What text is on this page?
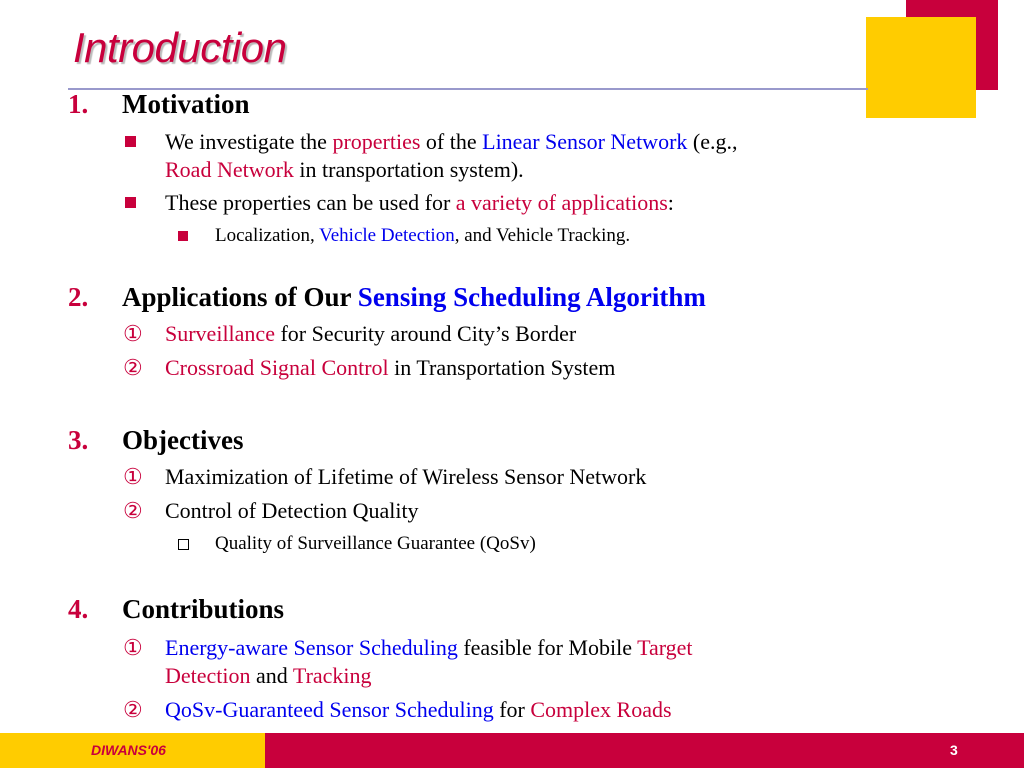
Introduction
1. Motivation
We investigate the properties of the Linear Sensor Network (e.g.,
Road Network in transportation system).
These properties can be used for a variety of applications:
Localization, Vehicle Detection, and Vehicle Tracking.
2. Applications of Our Sensing Scheduling Algorithm
① Surveillance for Security around City’s Border
② Crossroad Signal Control in Transportation System
3. Objectives
① Maximization of Lifetime of Wireless Sensor Network
② Control of Detection Quality
Quality of Surveillance Guarantee (QoSv)
4. Contributions
① Energy-aware Sensor Scheduling feasible for Mobile Target
Detection and Tracking
② QoSv-Guaranteed Sensor Scheduling for Complex Roads
DIWANS'06	3
